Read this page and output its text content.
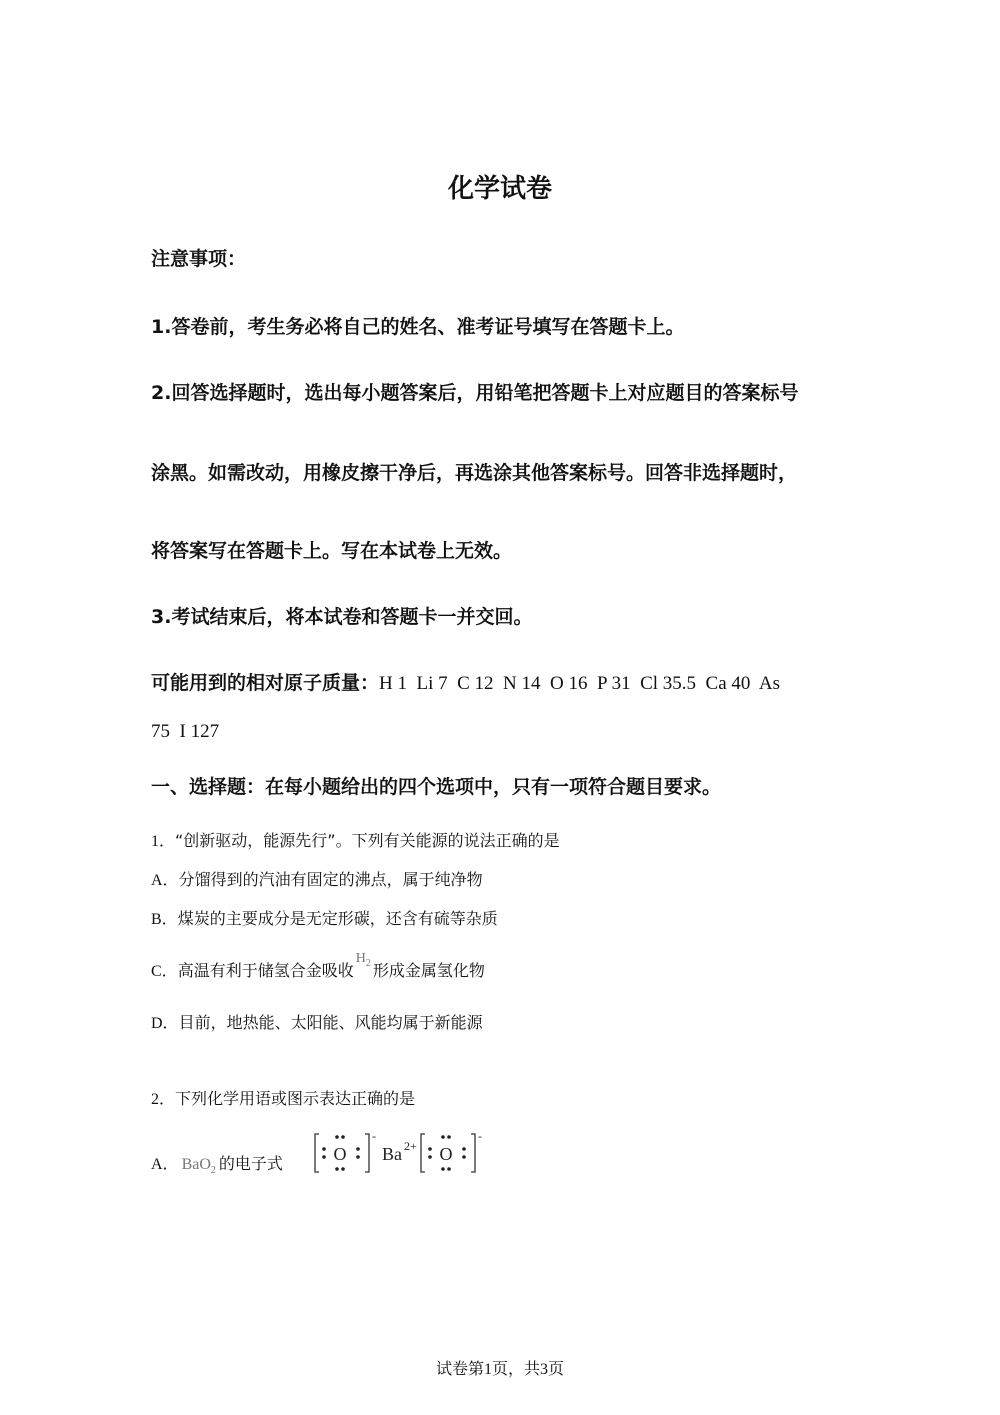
化学试卷
注意事项：
1.答卷前，考生务必将自己的姓名、准考证号填写在答题卡上。
2.回答选择题时，选出每小题答案后，用铅笔把答题卡上对应题目的答案标号
涂黑。如需改动，用橡皮擦干净后，再选涂其他答案标号。回答非选择题时，
将答案写在答题卡上。写在本试卷上无效。
3.考试结束后，将本试卷和答题卡一并交回。
可能用到的相对原子质量：H 1  Li 7  C 12  N 14  O 16  P 31  Cl 35.5  Ca 40  As
75  I 127
一、选择题：在每小题给出的四个选项中，只有一项符合题目要求。
1．“创新驱动，能源先行”。下列有关能源的说法正确的是
A．分馏得到的汽油有固定的沸点，属于纯净物
B．煤炭的主要成分是无定形碳，还含有硫等杂质
C．高温有利于储氢合金吸收$H_2$ 形成金属氢化物
D．目前，地热能、太阳能、风能均属于新能源
2．下列化学用语或图示表达正确的是
A． BaO$_2$ 的电子式	O
-
Ba 2+ O
-
试卷第1页，共3页
